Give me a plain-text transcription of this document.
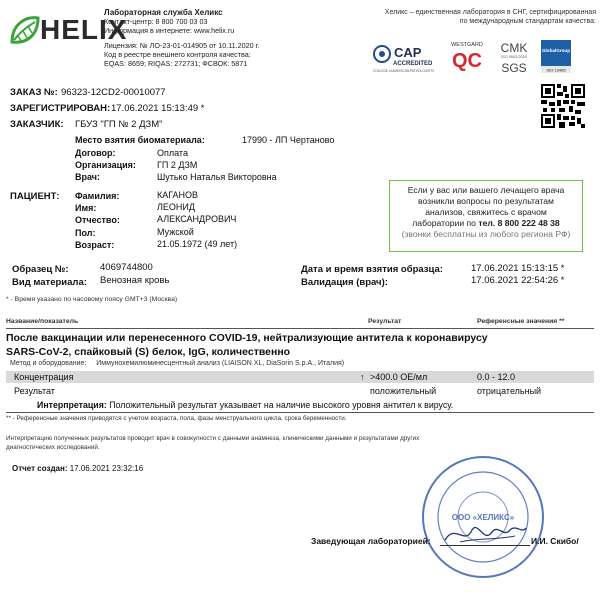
HELIX
Лабораторная служба Хеликс
Контакт-центр: 8 800 700 03 03
Информация в интернете: www.helix.ru
Лицензия: № ЛО-23-01-014905 от 10.11.2020 г.
Код в реестре внешнего контроля качества:
EQAS: 8659; RIQAS: 272731; ФСВОК: 5871
Хеликс – единственная лаборатория в СНГ, сертифицированная
по международным стандартам качества:
CAP
ACCREDITED
COLLEGE of AMERICAN PATHOLOGISTS
WESTGARD
QC
CMK
ISO 9001:2015
SGS
GlobalGroup
ISO 13485
ЗАКАЗ №: 96323-12CD2-00010077
ЗАРЕГИСТРИРОВАН: 17.06.2021 15:13:49 *
ЗАКАЗЧИК: ГБУЗ "ГП № 2 ДЗМ"
Место взятия биоматериала:	17990 - ЛП Чертаново
Договор:	Оплата
Организация: ГП 2 ДЗМ
Врач:	Шутько Наталья Викторовна
ПАЦИЕНТ: Фамилия:	КАГАНОВ
Имя:	ЛЕОНИД
Отчество:	АЛЕКСАНДРОВИЧ
Пол:	Мужской
Возраст:	21.05.1972 (49 лет)
Если у вас или вашего лечащего врача
возникли вопросы по результатам
анализов, свяжитесь с врачом
лаборатории по тел. 8 800 222 48 38
(звонки бесплатны из любого региона РФ)
Образец №:	4069744800
Вид материала: Венозная кровь
Дата и время взятия образца:	17.06.2021 15:13:15 *
Валидация (врач):	17.06.2021 22:54:26 *
* - Время указано по часовому поясу GMT+3 (Москва)
Название/показатель	Результат	Референсные значения **
После вакцинации или перенесенного COVID-19, нейтрализующие антитела к коронавирусу
SARS-CoV-2, спайковый (S) белок, IgG, количественно
Метод и оборудование: Иммунохемилюминесцентный анализ (LIAISON XL, DiaSorin S.p.A., Италия)
Концентрация	↑ >400.0 ОЕ/мл	0.0 - 12.0
Результат	положительный	отрицательный
Интерпретация: Положительный результат указывает на наличие высокого уровня антител к вирусу.
** - Референсные значения приводятся с учетом возраста, пола, фазы менструального цикла, срока беременности.
Интерпретацию полученных результатов проводит врач в совокупности с данными анамнеза, клиническими данными и результатами других
диагностических исследований.
Отчет создан: 17.06.2021 23:32:16
ООО «ХЕЛИКС»
Заведующая лабораторией:	И.И. Скибо/
